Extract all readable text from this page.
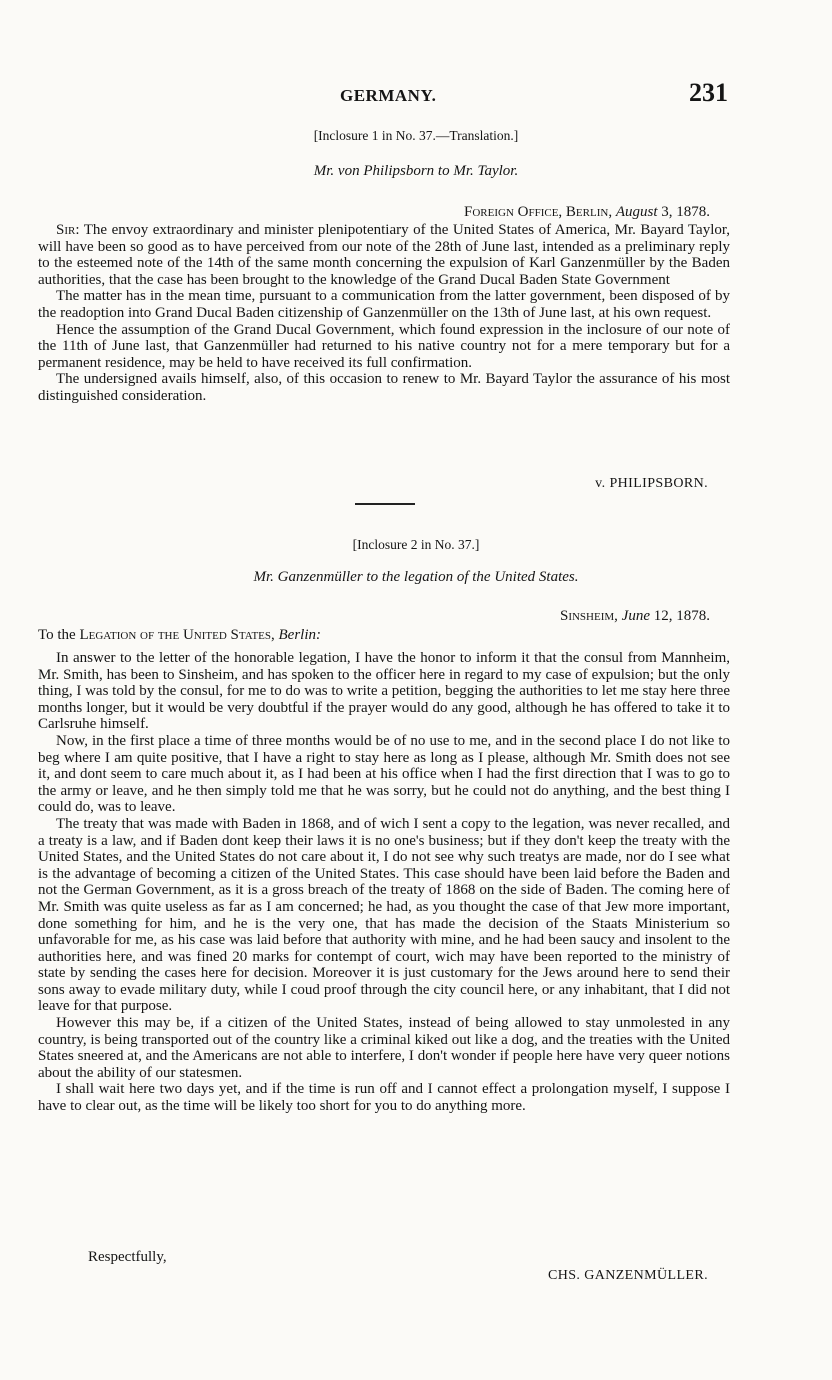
GERMANY.	231
[Inclosure 1 in No. 37.—Translation.]
Mr. von Philipsborn to Mr. Taylor.
Foreign Office, Berlin, August 3, 1878.

Sir: The envoy extraordinary and minister plenipotentiary of the United States of America, Mr. Bayard Taylor, will have been so good as to have perceived from our note of the 28th of June last, intended as a preliminary reply to the esteemed note of the 14th of the same month concerning the expulsion of Karl Ganzenmüller by the Baden authorities, that the case has been brought to the knowledge of the Grand Ducal Baden State Government

The matter has in the mean time, pursuant to a communication from the latter government, been disposed of by the readoption into Grand Ducal Baden citizenship of Ganzenmüller on the 13th of June last, at his own request.

Hence the assumption of the Grand Ducal Government, which found expression in the inclosure of our note of the 11th of June last, that Ganzenmüller had returned to his native country not for a mere temporary but for a permanent residence, may be held to have received its full confirmation.

The undersigned avails himself, also, of this occasion to renew to Mr. Bayard Taylor the assurance of his most distinguished consideration.

v. PHILIPSBORN.
[Inclosure 2 in No. 37.]
Mr. Ganzenmüller to the legation of the United States.
Sinsheim, June 12, 1878.
To the Legation of the United States, Berlin:

In answer to the letter of the honorable legation, I have the honor to inform it that the consul from Mannheim, Mr. Smith, has been to Sinsheim, and has spoken to the officer here in regard to my case of expulsion; but the only thing, I was told by the consul, for me to do was to write a petition, begging the authorities to let me stay here three months longer, but it would be very doubtful if the prayer would do any good, although he has offered to take it to Carlsruhe himself.

Now, in the first place a time of three months would be of no use to me, and in the second place I do not like to beg where I am quite positive, that I have a right to stay here as long as I please, although Mr. Smith does not see it, and dont seem to care much about it, as I had been at his office when I had the first direction that I was to go to the army or leave, and he then simply told me that he was sorry, but he could not do anything, and the best thing I could do, was to leave.

The treaty that was made with Baden in 1868, and of wich I sent a copy to the legation, was never recalled, and a treaty is a law, and if Baden dont keep their laws it is no one's business; but if they don't keep the treaty with the United States, and the United States do not care about it, I do not see why such treatys are made, nor do I see what is the advantage of becoming a citizen of the United States. This case should have been laid before the Baden and not the German Government, as it is a gross breach of the treaty of 1868 on the side of Baden. The coming here of Mr. Smith was quite useless as far as I am concerned; he had, as you thought the case of that Jew more important, done something for him, and he is the very one, that has made the decision of the Staats Ministerium so unfavorable for me, as his case was laid before that authority with mine, and he had been saucy and insolent to the authorities here, and was fined 20 marks for contempt of court, wich may have been reported to the ministry of state by sending the cases here for decision. Moreover it is just customary for the Jews around here to send their sons away to evade military duty, while I coud proof through the city council here, or any inhabitant, that I did not leave for that purpose.

However this may be, if a citizen of the United States, instead of being allowed to stay unmolested in any country, is being transported out of the country like a criminal kiked out like a dog, and the treaties with the United States sneered at, and the Americans are not able to interfere, I don't wonder if people here have very queer notions about the ability of our statesmen.

I shall wait here two days yet, and if the time is run off and I cannot effect a prolongation myself, I suppose I have to clear out, as the time will be likely too short for you to do anything more.

Respectfully,
CHS. GANZENMÜLLER.
